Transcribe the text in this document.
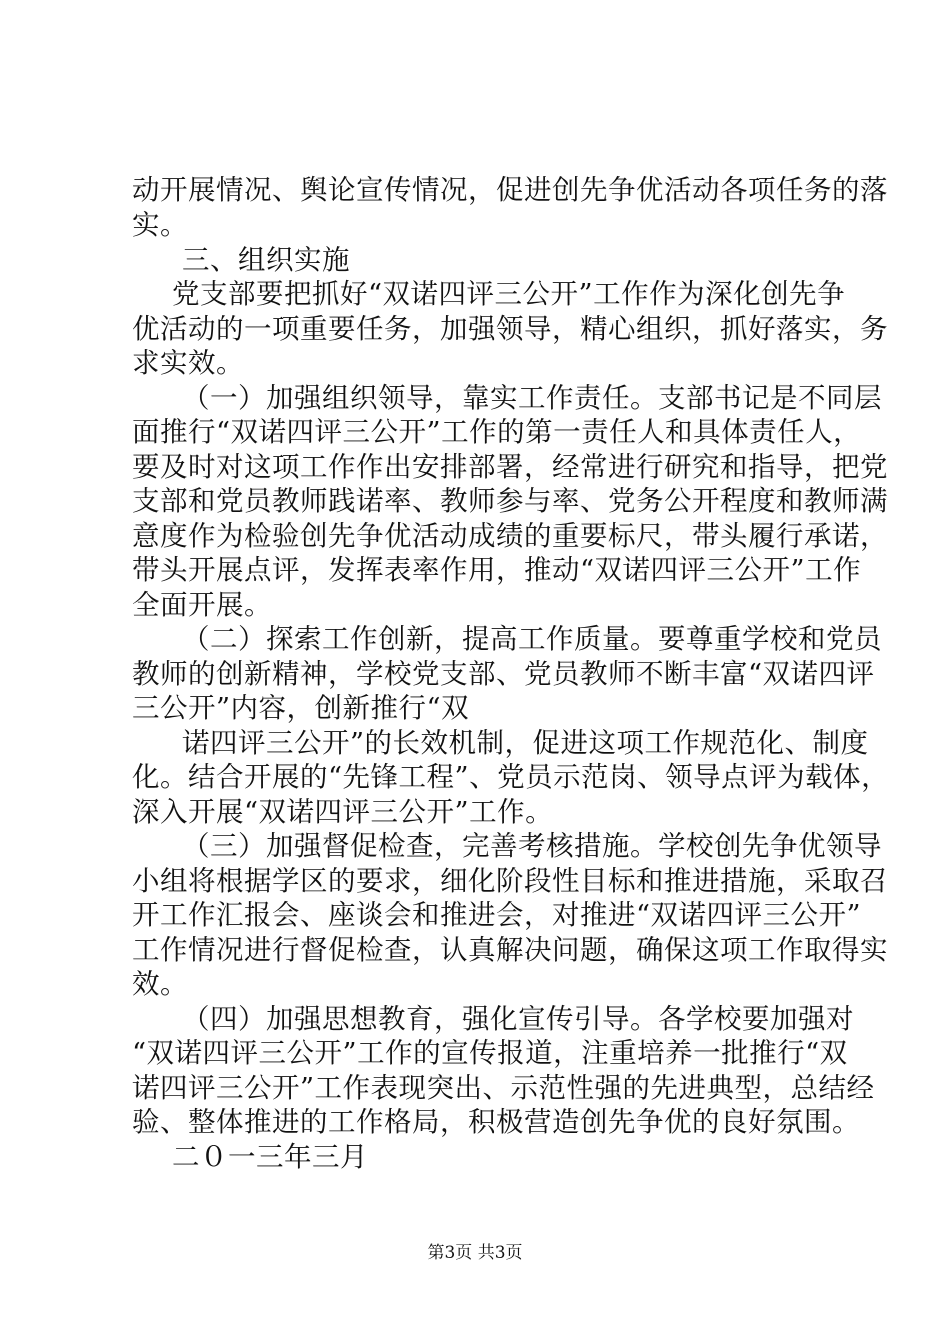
动开展情况、舆论宣传情况，促进创先争优活动各项任务的落
实。
三、组织实施
党支部要把抓好“双诺四评三公开”工作作为深化创先争
优活动的一项重要任务，加强领导，精心组织，抓好落实，务
求实效。
（一）加强组织领导，靠实工作责任。支部书记是不同层
面推行“双诺四评三公开”工作的第一责任人和具体责任人，
要及时对这项工作作出安排部署，经常进行研究和指导，把党
支部和党员教师践诺率、教师参与率、党务公开程度和教师满
意度作为检验创先争优活动成绩的重要标尺，带头履行承诺，
带头开展点评，发挥表率作用，推动“双诺四评三公开”工作
全面开展。
（二）探索工作创新，提高工作质量。要尊重学校和党员
教师的创新精神，学校党支部、党员教师不断丰富“双诺四评
三公开”内容，创新推行“双
诺四评三公开”的长效机制，促进这项工作规范化、制度
化。结合开展的“先锋工程”、党员示范岗、领导点评为载体，
深入开展“双诺四评三公开”工作。
（三）加强督促检查，完善考核措施。学校创先争优领导
小组将根据学区的要求，细化阶段性目标和推进措施，采取召
开工作汇报会、座谈会和推进会，对推进“双诺四评三公开”
工作情况进行督促检查，认真解决问题，确保这项工作取得实
效。
（四）加强思想教育，强化宣传引导。各学校要加强对
“双诺四评三公开”工作的宣传报道，注重培养一批推行“双
诺四评三公开”工作表现突出、示范性强的先进典型，总结经
验、整体推进的工作格局，积极营造创先争优的良好氛围。
二０一三年三月
第3页 共3页
